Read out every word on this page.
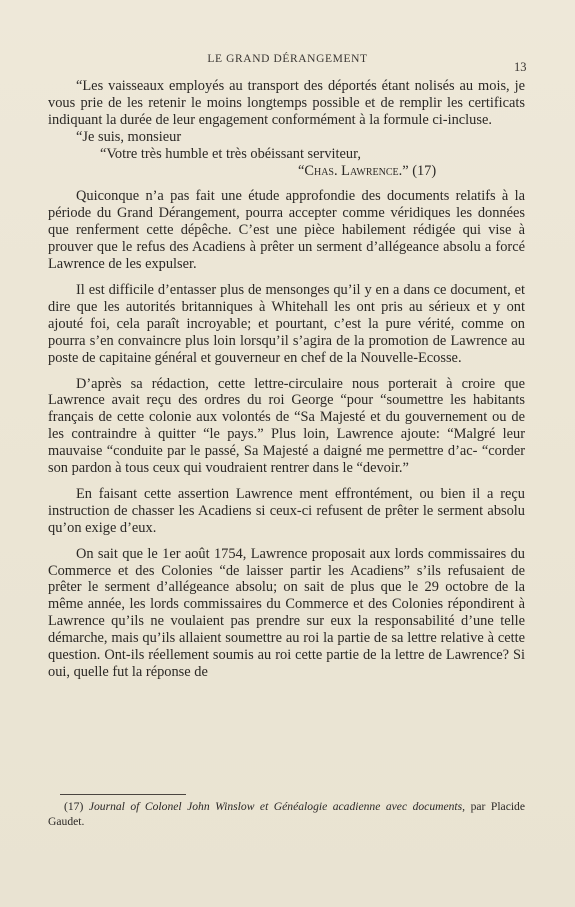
LE GRAND DÉRANGEMENT
13

“Les vaisseaux employés au transport des déportés étant nolisés au mois, je vous prie de les retenir le moins longtemps possible et de remplir les certificats indiquant la durée de leur engagement conformément à la formule ci-incluse.

“Je suis, monsieur

“Votre très humble et très obéissant serviteur,

“Chas. Lawrence.” (17)

Quiconque n’a pas fait une étude approfondie des documents relatifs à la période du Grand Dérangement, pourra accepter comme véridiques les données que renferment cette dépêche. C’est une pièce habilement rédigée qui vise à prouver que le refus des Acadiens à prêter un serment d’allégeance absolu a forcé Lawrence de les expulser.

Il est difficile d’entasser plus de mensonges qu’il y en a dans ce document, et dire que les autorités britanniques à Whitehall les ont pris au sérieux et y ont ajouté foi, cela paraît incroyable; et pourtant, c’est la pure vérité, comme on pourra s’en convaincre plus loin lorsqu’il s’agira de la promotion de Lawrence au poste de capitaine général et gouverneur en chef de la Nouvelle-Ecosse.

D’après sa rédaction, cette lettre-circulaire nous porterait à croire que Lawrence avait reçu des ordres du roi George “pour “soumettre les habitants français de cette colonie aux volontés de “Sa Majesté et du gouvernement ou de les contraindre à quitter “le pays.” Plus loin, Lawrence ajoute: “Malgré leur mauvaise “conduite par le passé, Sa Majesté a daigné me permettre d’ac- “corder son pardon à tous ceux qui voudraient rentrer dans le “devoir.”

En faisant cette assertion Lawrence ment effrontément, ou bien il a reçu instruction de chasser les Acadiens si ceux-ci refusent de prêter le serment absolu qu’on exige d’eux.

On sait que le 1er août 1754, Lawrence proposait aux lords commissaires du Commerce et des Colonies “de laisser partir les Acadiens” s’ils refusaient de prêter le serment d’allégeance absolu; on sait de plus que le 29 octobre de la même année, les lords commissaires du Commerce et des Colonies répondirent à Lawrence qu’ils ne voulaient pas prendre sur eux la responsabilité d’une telle démarche, mais qu’ils allaient soumettre au roi la partie de sa lettre relative à cette question. Ont-ils réellement soumis au roi cette partie de la lettre de Lawrence? Si oui, quelle fut la réponse de

(17) Journal of Colonel John Winslow et Généalogie acadienne avec documents, par Placide Gaudet.
